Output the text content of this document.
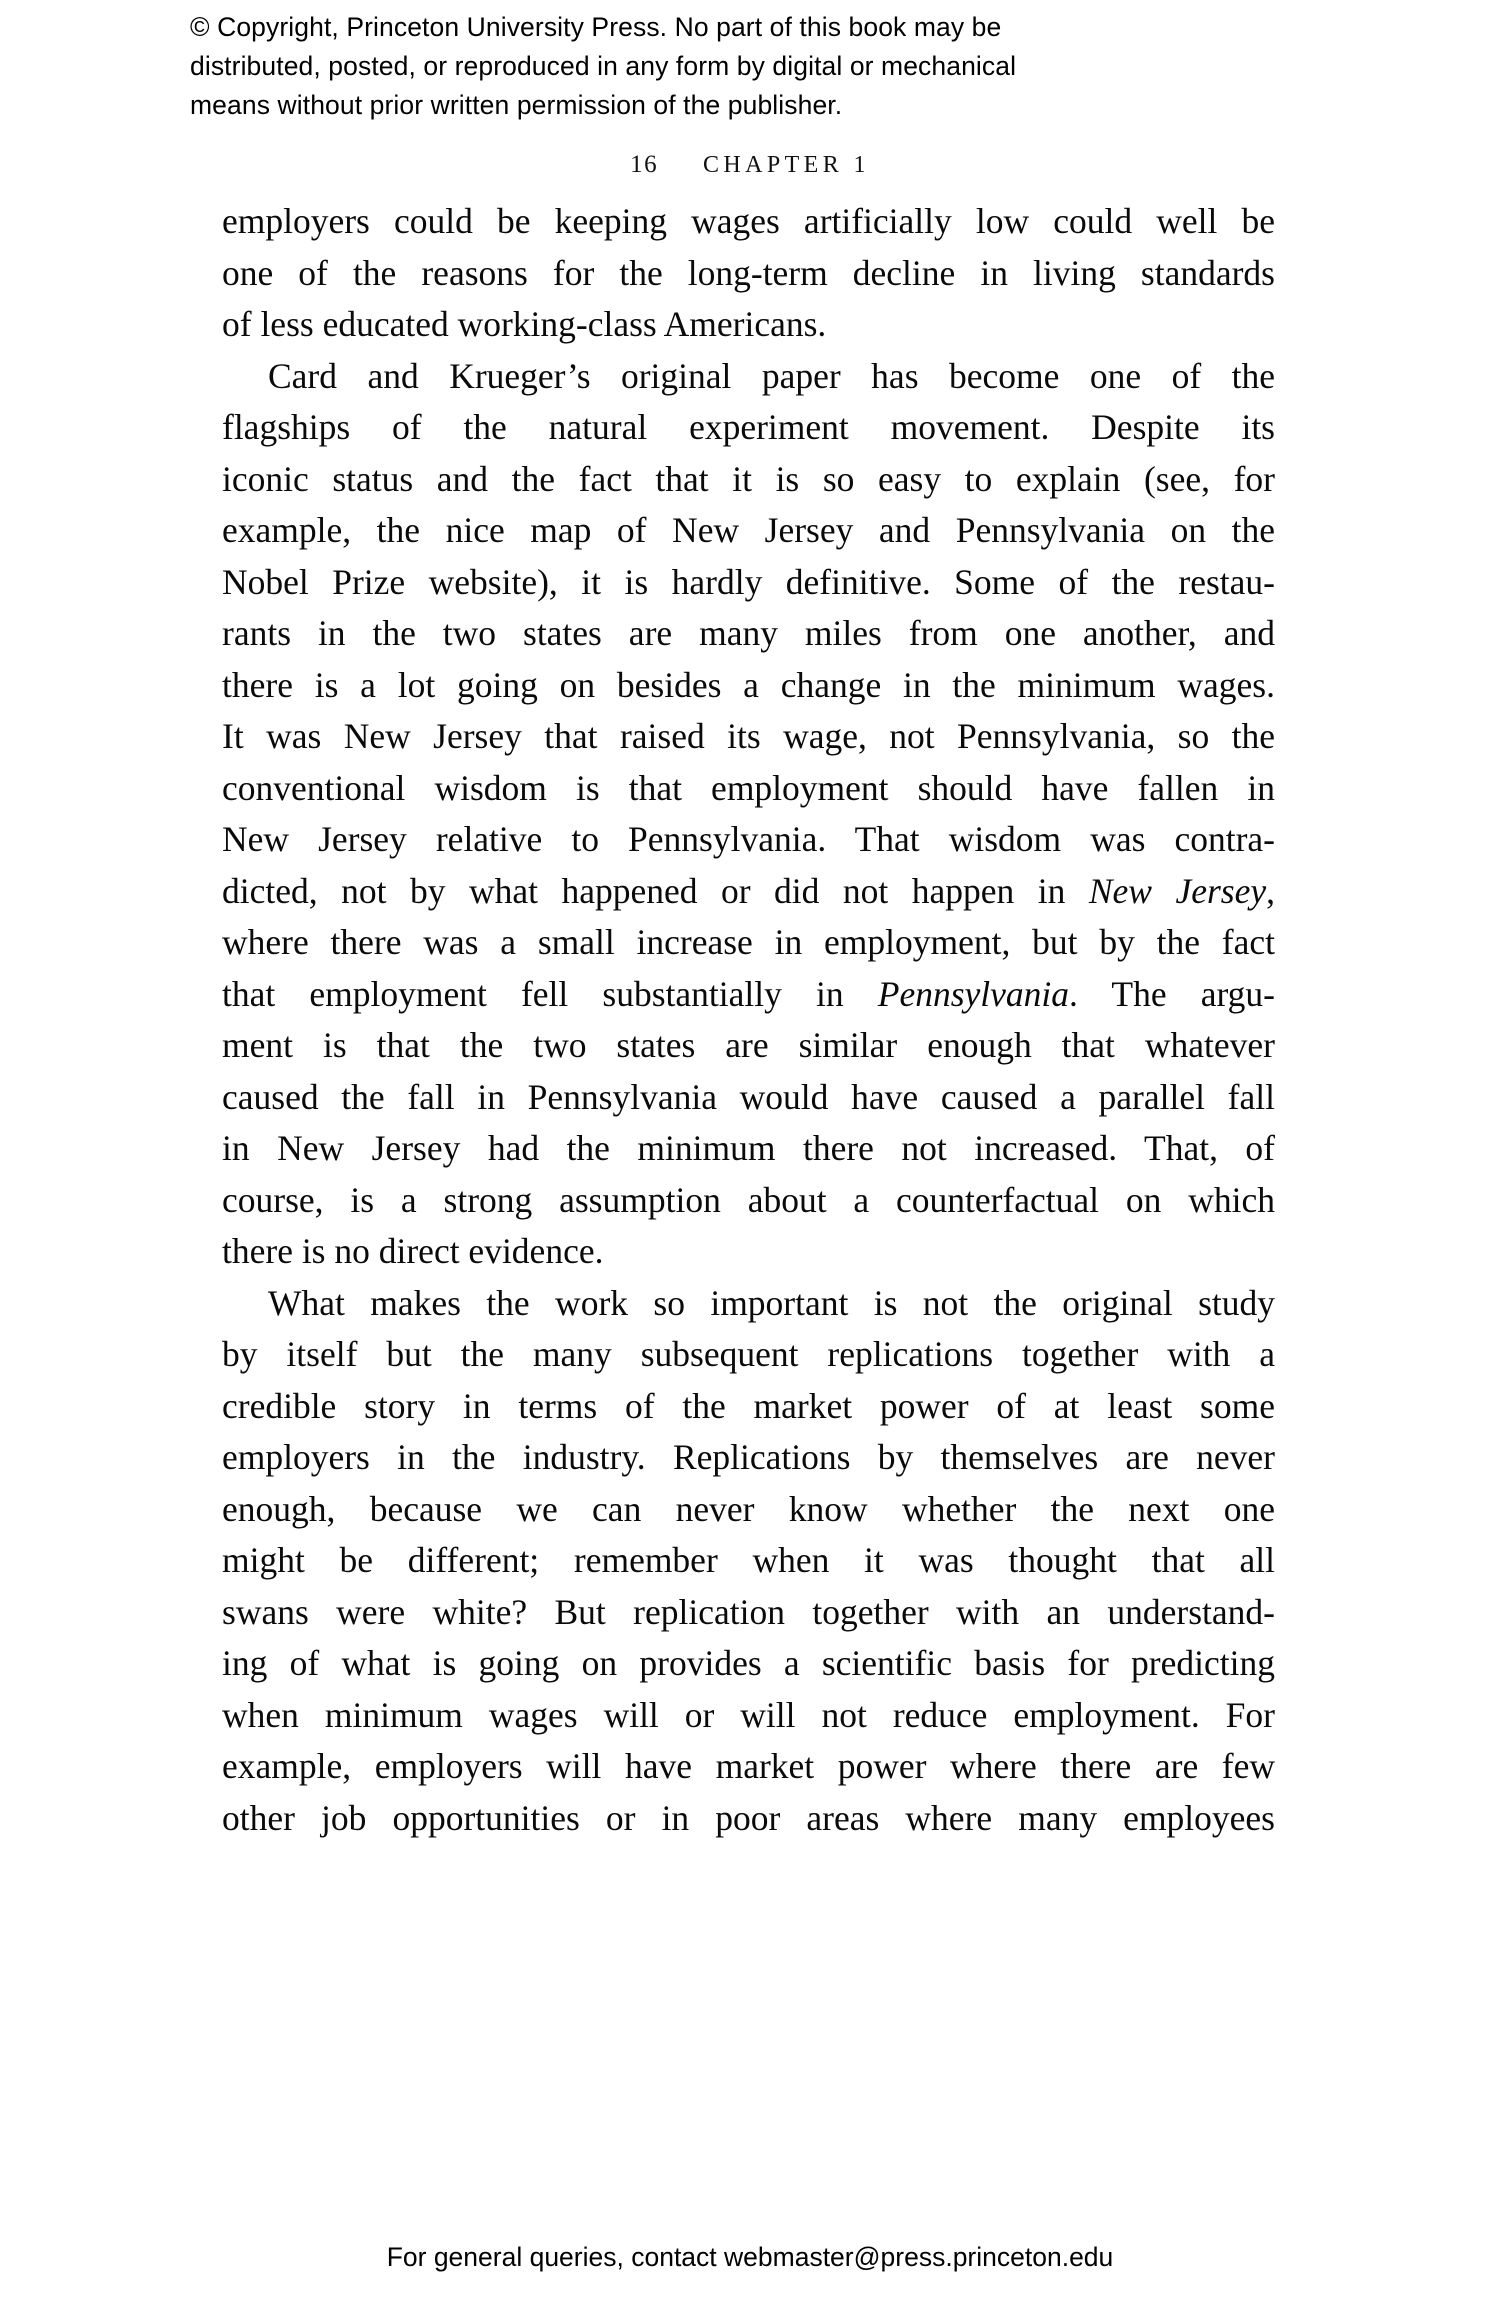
© Copyright, Princeton University Press. No part of this book may be
distributed, posted, or reproduced in any form by digital or mechanical
means without prior written permission of the publisher.
16 CHAPTER 1
employers could be keeping wages artificially low could well be
one of the reasons for the long-term decline in living standards
of less educated working-class Americans.
Card and Krueger’s original paper has become one of the
flagships of the natural experiment movement. Despite its
iconic status and the fact that it is so easy to explain (see, for
example, the nice map of New Jersey and Pennsylvania on the
Nobel Prize website), it is hardly definitive. Some of the restau-
rants in the two states are many miles from one another, and
there is a lot going on besides a change in the minimum wages.
It was New Jersey that raised its wage, not Pennsylvania, so the
conventional wisdom is that employment should have fallen in
New Jersey relative to Pennsylvania. That wisdom was contra-
dicted, not by what happened or did not happen in New Jersey,
where there was a small increase in employment, but by the fact
that employment fell substantially in Pennsylvania. The argu-
ment is that the two states are similar enough that whatever
caused the fall in Pennsylvania would have caused a parallel fall
in New Jersey had the minimum there not increased. That, of
course, is a strong assumption about a counterfactual on which
there is no direct evidence.
What makes the work so important is not the original study
by itself but the many subsequent replications together with a
credible story in terms of the market power of at least some
employers in the industry. Replications by themselves are never
enough, because we can never know whether the next one
might be different; remember when it was thought that all
swans were white? But replication together with an understand-
ing of what is going on provides a scientific basis for predicting
when minimum wages will or will not reduce employment. For
example, employers will have market power where there are few
other job opportunities or in poor areas where many employees
For general queries, contact webmaster@press.princeton.edu
